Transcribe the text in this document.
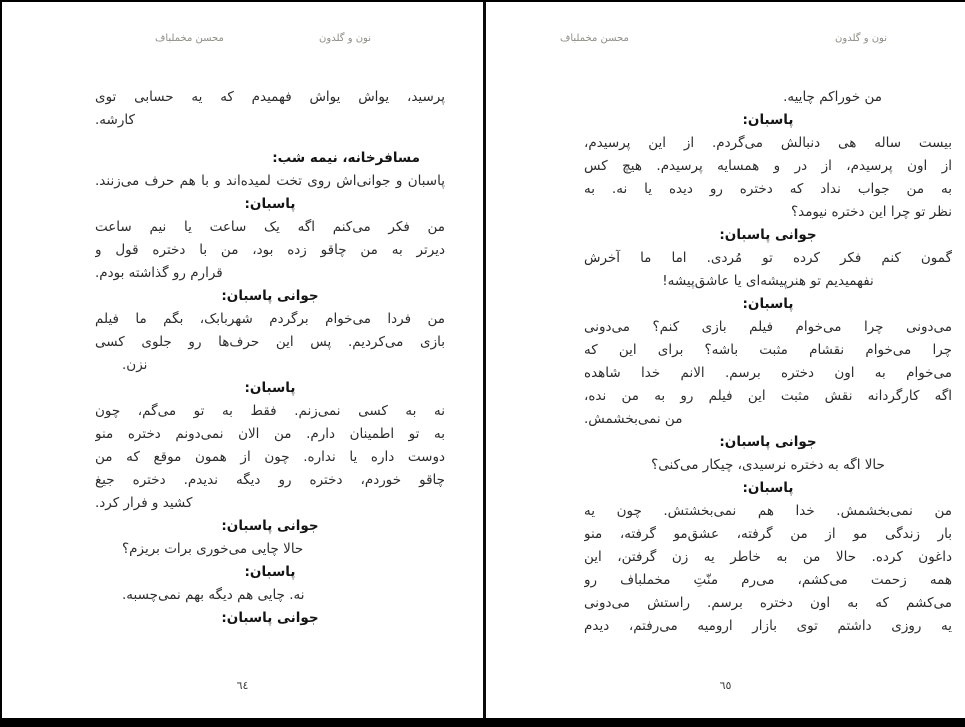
محسن مخملباف	نون و گلدون
پرسید، یواش یواش فهمیدم که یه حسابی توی
کارشه.
مسافرخانه، نیمه شب:
پاسبان و جوانی‌اش روی تخت لمیده‌اند و با هم حرف می‌زنند.
پاسبان:
من فکر می‌کنم اگه یک ساعت یا نیم ساعت
دیرتر به من چاقو زده بود، من با دختره قول و
قرارم رو گذاشته بودم.
جوانی پاسبان:
من فردا می‌خوام برگردم شهربابک، بگم ما فیلم
بازی می‌کردیم. پس این حرف‌ها رو جلوی کسی
نزن.
پاسبان:
نه به کسی نمی‌زنم. فقط به تو می‌گم، چون
به تو اطمینان دارم. من الان نمی‌دونم دختره منو
دوست داره یا نداره. چون از همون موقع که من
چاقو خوردم، دختره رو دیگه ندیدم. دختره جیغ
کشید و فرار کرد.
جوانی پاسبان:
حالا چایی می‌خوری برات بریزم؟
پاسبان:
نه. چایی هم دیگه بهم نمی‌چسبه.
جوانی پاسبان:
٦٤
محسن مخملباف	نون و گلدون
من خوراکم چاییه.
پاسبان:
بیست ساله هی دنبالش می‌گردم. از این پرسیدم،
از اون پرسیدم، از در و همسایه پرسیدم. هیچ کس
به من جواب نداد که دختره رو دیده یا نه. به
نظر تو چرا این دختره نیومد؟
جوانی پاسبان:
گمون کنم فکر کرده تو مُردی. اما ما آخرش
نفهمیدیم تو هنرپیشه‌ای یا عاشق‌پیشه!
پاسبان:
می‌دونی چرا می‌خوام فیلم بازی کنم؟ می‌دونی
چرا می‌خوام نقشام مثبت باشه؟ برای این که
می‌خوام به اون دختره برسم. الانم خدا شاهده
اگه کارگردانه نقش مثبت این فیلم رو به من نده،
من نمی‌بخشمش.
جوانی پاسبان:
حالا اگه به دختره نرسیدی، چیکار می‌کنی؟
پاسبان:
من نمی‌بخشمش. خدا هم نمی‌بخشتش. چون یه
بار زندگی مو از من گرفته، عشق‌مو گرفته، منو
داغون کرده. حالا من به خاطر یه زن گرفتن، این
همه زحمت می‌کشم، می‌رم منّتِ مخملباف رو
می‌کشم که به اون دختره برسم. راستش می‌دونی
یه روزی داشتم توی بازار ارومیه می‌رفتم، دیدم
٦٥
